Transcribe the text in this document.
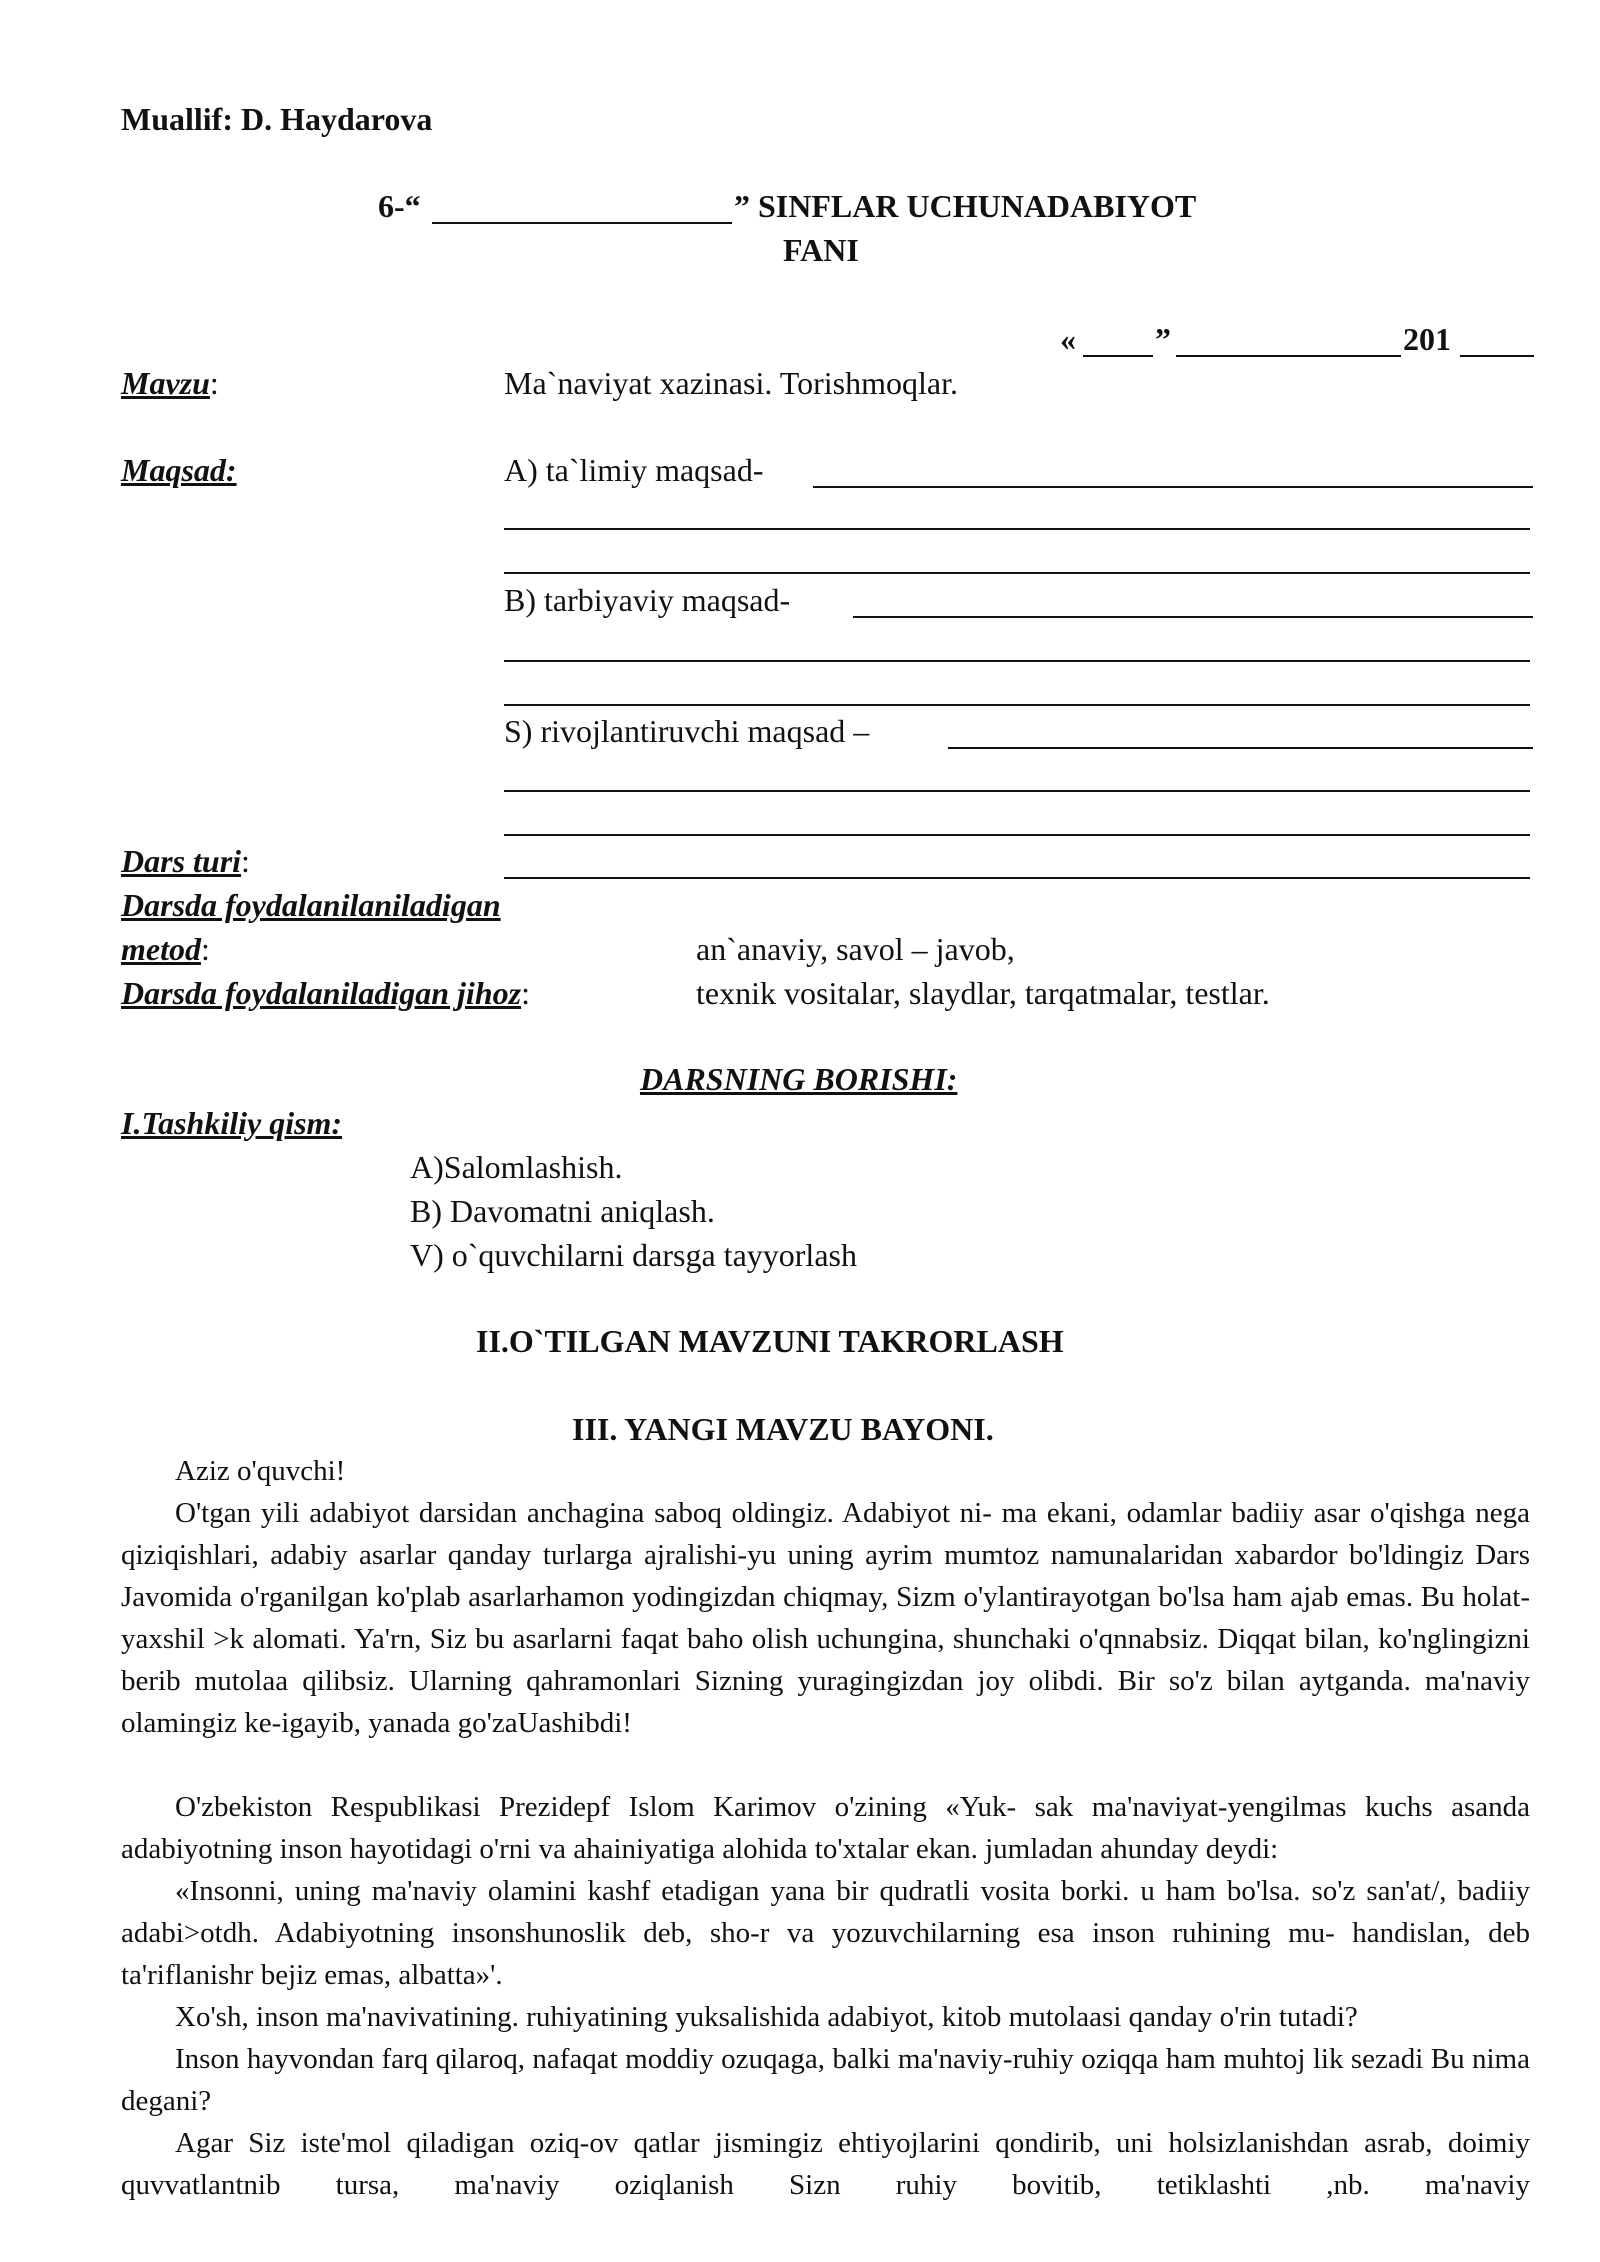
Muallif: D. Haydarova
6-“	” SINFLAR UCHUNADABIYOT
FANI
« ”	201
Mavzu:	Ma`naviyat xazinasi. Torishmoqlar.
Maqsad:	A) ta`limiy maqsad-
B) tarbiyaviy maqsad-
S) rivojlantiruvchi maqsad –
Dars turi:
Darsda foydalanilaniladigan
metod:	an`anaviy, savol – javob,
Darsda foydalaniladigan jihoz:	texnik vositalar, slaydlar, tarqatmalar, testlar.
DARSNING BORISHI:
I.Tashkiliy qism:
A)Salomlashish.
B) Davomatni aniqlash.
V) o`quvchilarni darsga tayyorlash
II.O`TILGAN MAVZUNI TAKRORLASH
III. YANGI MAVZU BAYONI.
Aziz o'quvchi!
O'tgan yili adabiyot darsidan anchagina saboq oldingiz. Adabiyot ni- ma ekani, odamlar badiiy asar o'qishga nega qiziqishlari, adabiy asarlar qanday turlarga ajralishi-yu uning ayrim mumtoz namunalaridan xabardor bo'ldingiz Dars Javomida o'rganilgan ko'plab asarlarhamon yodingizdan chiqmay, Sizm o'ylantirayotgan bo'lsa ham ajab emas. Bu holat-yaxshil >k alomati. Ya'rn, Siz bu asarlarni faqat baho olish uchungina, shunchaki o'qnnabsiz. Diqqat bilan, ko'nglingizni berib mutolaa qilibsiz. Ularning qahramonlari Sizning yuragingizdan joy olibdi. Bir so'z bilan aytganda. ma'naviy olamingiz ke-igayib, yanada go'zaUashibdi!
O'zbekiston Respublikasi Prezidepf Islom Karimov o'zining «Yuk- sak ma'naviyat-yengilmas kuchs asanda adabiyotning inson hayotidagi o'rni va ahainiyatiga alohida to'xtalar ekan. jumladan ahunday deydi:
«Insonni, uning ma'naviy olamini kashf etadigan yana bir qudratli vosita borki. u ham bo'lsa. so'z san'at/, badiiy adabi>otdh. Adabiyotning insonshunoslik deb, sho-r va yozuvchilarning esa inson ruhining mu- handislan, deb ta'riflanishr bejiz emas, albatta»'.
Xo'sh, inson ma'navivatining. ruhiyatining yuksalishida adabiyot, kitob mutolaasi qanday o'rin tutadi?
Inson hayvondan farq qilaroq, nafaqat moddiy ozuqaga, balki ma'naviy-ruhiy oziqqa ham muhtoj lik sezadi Bu nima degani?
Agar Siz iste'mol qiladigan oziq-ov qatlar jismingiz ehtiyojlarini qondirib, uni holsizlanishdan asrab, doimiy quvvatlantnib tursa, ma'naviy oziqlanish Sizn ruhiy bovitib, tetiklashti ,nb. ma'naviy
